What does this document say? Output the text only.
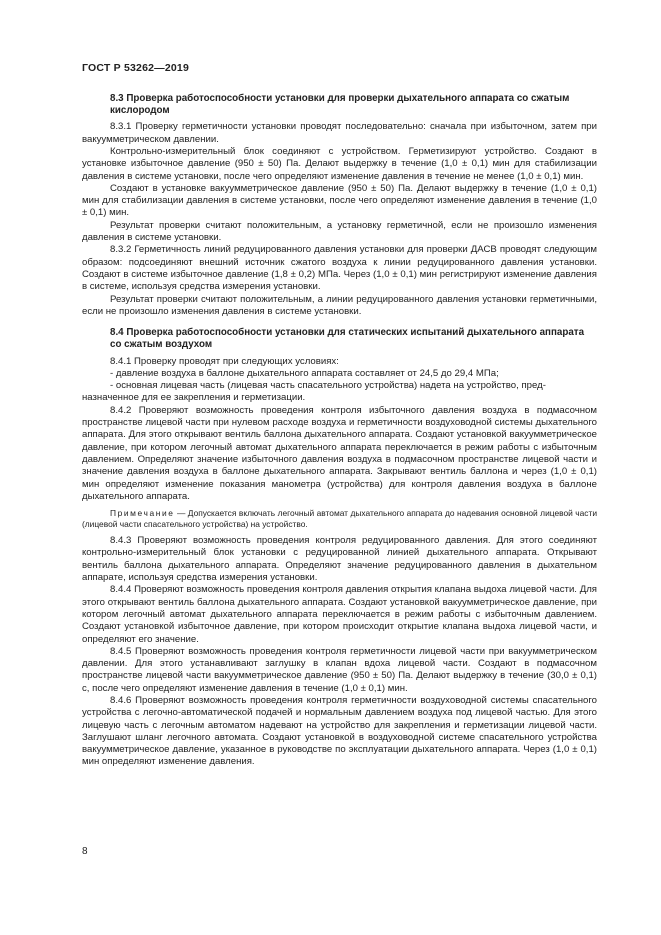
ГОСТ Р 53262—2019
8.3 Проверка работоспособности установки для проверки дыхательного аппарата со сжатым кислородом

8.3.1 Проверку герметичности установки проводят последовательно: сначала при избыточном, затем при вакуумметрическом давлении.

Контрольно-измерительный блок соединяют с устройством. Герметизируют устройство. Создают в установке избыточное давление (950 ± 50) Па. Делают выдержку в течение (1,0 ± 0,1) мин для стабилизации давления в системе установки, после чего определяют изменение давления в течение не менее (1,0 ± 0,1) мин.

Создают в установке вакуумметрическое давление (950 ± 50) Па. Делают выдержку в течение (1,0 ± 0,1) мин для стабилизации давления в системе установки, после чего определяют изменение давления в течение (1,0 ± 0,1) мин.

Результат проверки считают положительным, а установку герметичной, если не произошло изменения давления в системе установки.

8.3.2 Герметичность линий редуцированного давления установки для проверки ДАСВ проводят следующим образом: подсоединяют внешний источник сжатого воздуха к линии редуцированного давления установки. Создают в системе избыточное давление (1,8 ± 0,2) МПа. Через (1,0 ± 0,1) мин регистрируют изменение давления в системе, используя средства измерения установки.

Результат проверки считают положительным, а линии редуцированного давления установки герметичными, если не произошло изменения давления в системе установки.

8.4 Проверка работоспособности установки для статических испытаний дыхательного аппарата со сжатым воздухом

8.4.1 Проверку проводят при следующих условиях:

- давление воздуха в баллоне дыхательного аппарата составляет от 24,5 до 29,4 МПа;

- основная лицевая часть (лицевая часть спасательного устройства) надета на устройство, пред-

назначенное для ее закрепления и герметизации.

8.4.2 Проверяют возможность проведения контроля избыточного давления воздуха в подмасочном пространстве лицевой части при нулевом расходе воздуха и герметичности воздуховодной системы дыхательного аппарата. Для этого открывают вентиль баллона дыхательного аппарата. Создают установкой вакуумметрическое давление, при котором легочный автомат дыхательного аппарата переключается в режим работы с избыточным давлением. Определяют значение избыточного давления воздуха в подмасочном пространстве лицевой части и значение давления воздуха в баллоне дыхательного аппарата. Закрывают вентиль баллона и через (1,0 ± 0,1) мин определяют изменение показания манометра (устройства) для контроля давления воздуха в баллоне дыхательного аппарата.

Примечание — Допускается включать легочный автомат дыхательного аппарата до надевания основной лицевой части (лицевой части спасательного устройства) на устройство.

8.4.3 Проверяют возможность проведения контроля редуцированного давления. Для этого соединяют контрольно-измерительный блок установки с редуцированной линией дыхательного аппарата. Открывают вентиль баллона дыхательного аппарата. Определяют значение редуцированного давления в дыхательном аппарате, используя средства измерения установки.

8.4.4 Проверяют возможность проведения контроля давления открытия клапана выдоха лицевой части. Для этого открывают вентиль баллона дыхательного аппарата. Создают установкой вакуумметрическое давление, при котором легочный автомат дыхательного аппарата переключается в режим работы с избыточным давлением. Создают установкой избыточное давление, при котором происходит открытие клапана выдоха лицевой части, и определяют его значение.

8.4.5 Проверяют возможность проведения контроля герметичности лицевой части при вакуумметрическом давлении. Для этого устанавливают заглушку в клапан вдоха лицевой части. Создают в подмасочном пространстве лицевой части вакуумметрическое давление (950 ± 50) Па. Делают выдержку в течение (30,0 ± 0,1) с, после чего определяют изменение давления в течение (1,0 ± 0,1) мин.

8.4.6 Проверяют возможность проведения контроля герметичности воздуховодной системы спасательного устройства с легочно-автоматической подачей и нормальным давлением воздуха под лицевой частью. Для этого лицевую часть с легочным автоматом надевают на устройство для закрепления и герметизации лицевой части. Заглушают шланг легочного автомата. Создают установкой в воздуховодной системе спасательного устройства вакуумметрическое давление, указанное в руководстве по эксплуатации дыхательного аппарата. Через (1,0 ± 0,1) мин определяют изменение давления.

8
